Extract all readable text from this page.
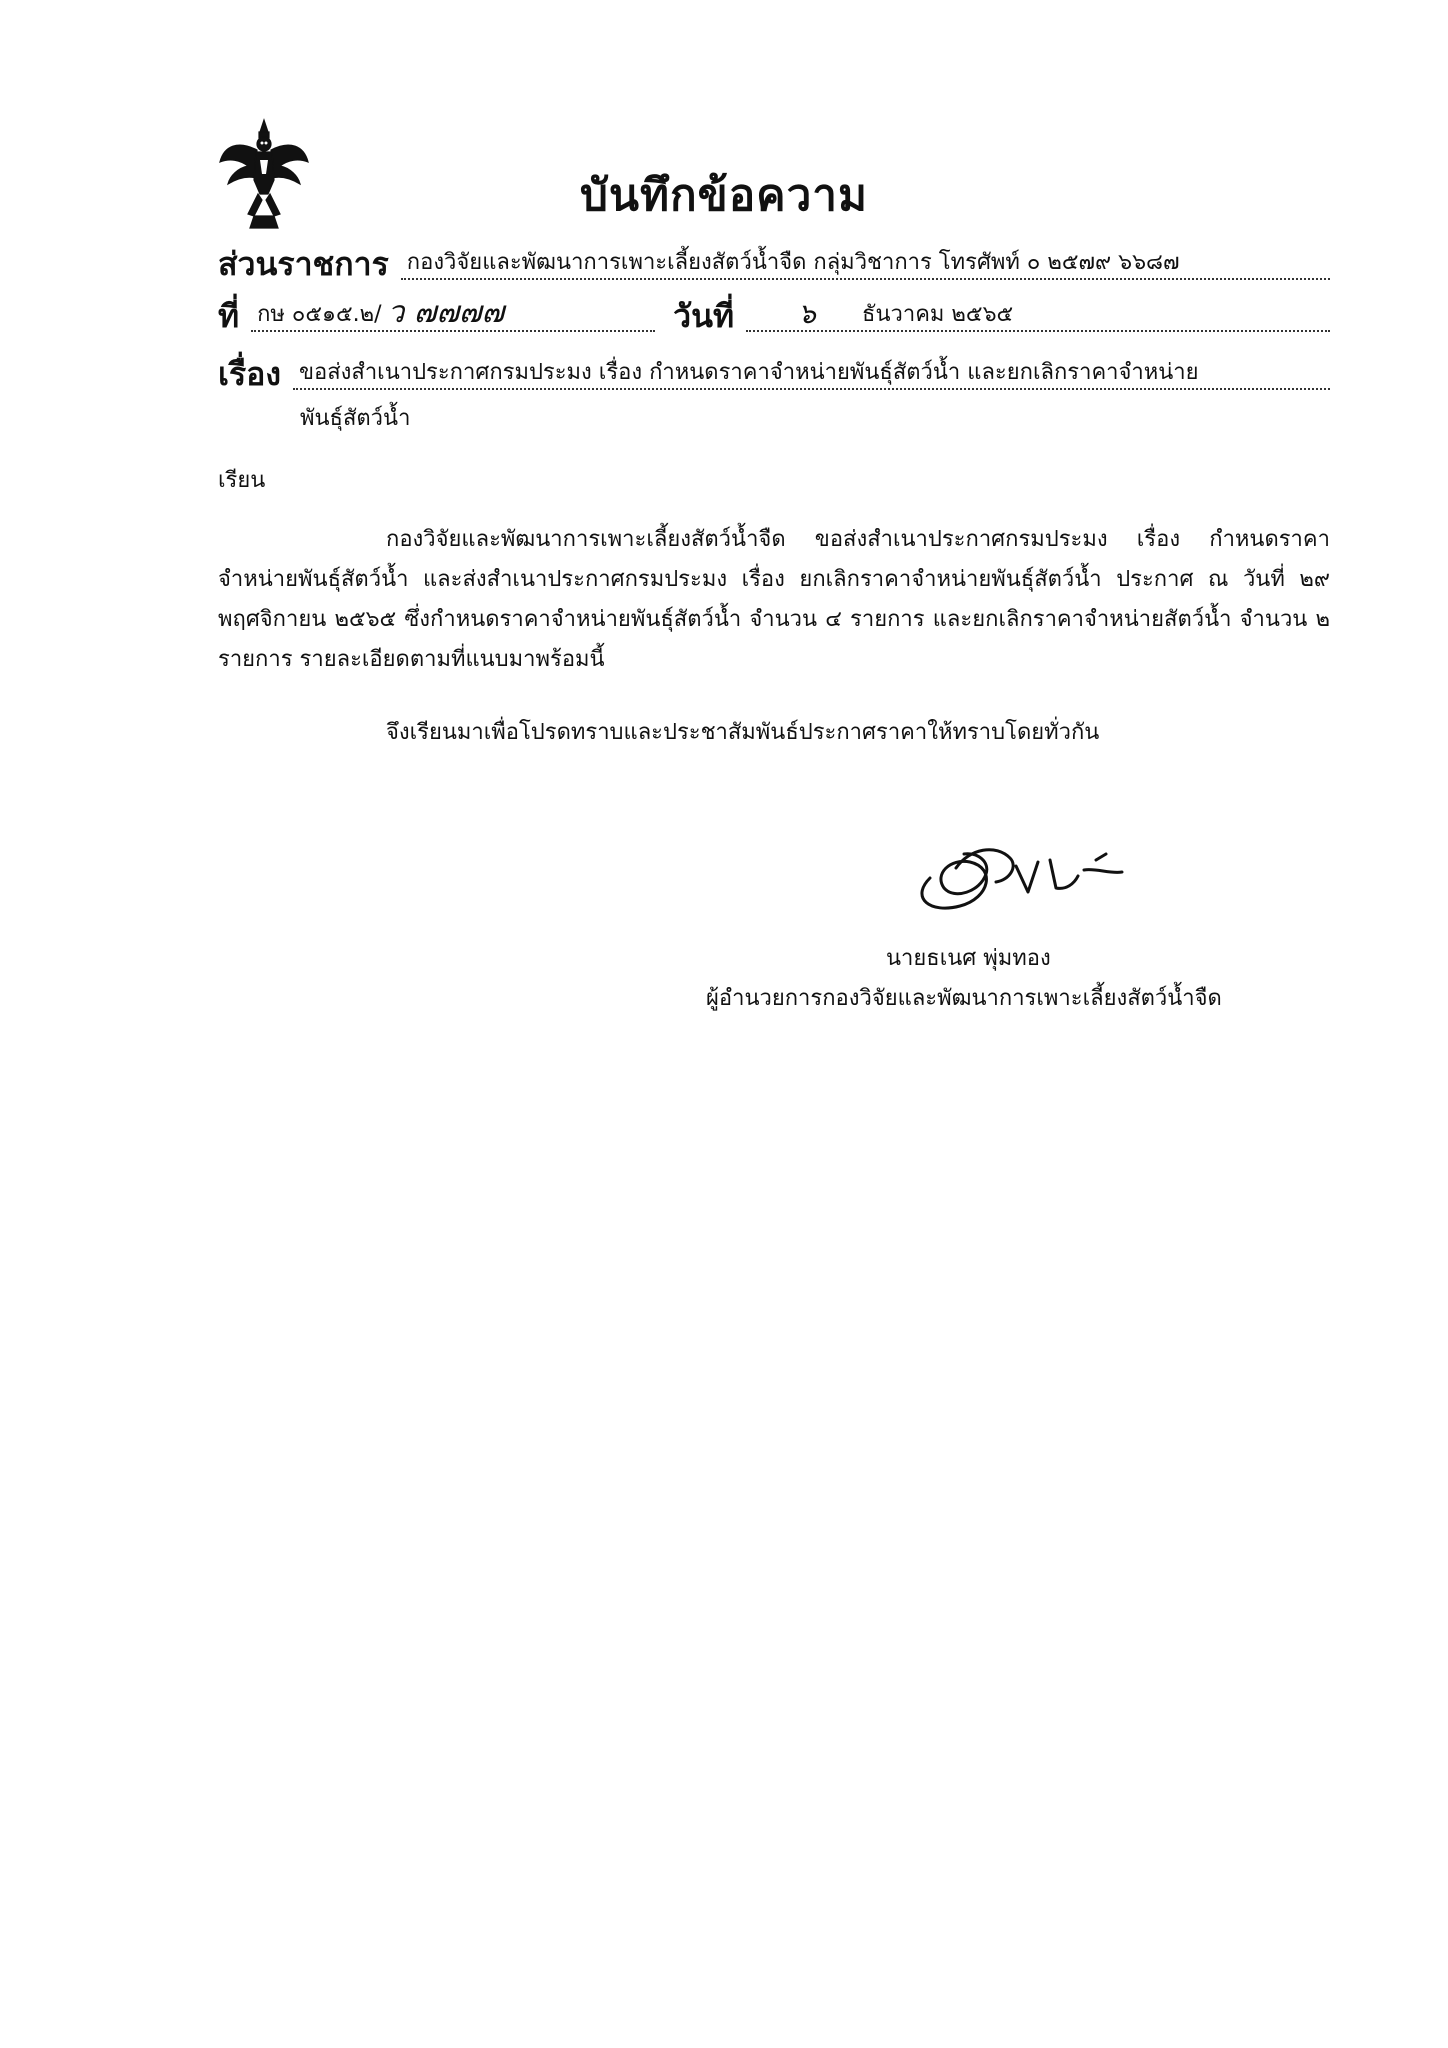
บันทึกข้อความ
ส่วนราชการ กองวิจัยและพัฒนาการเพาะเลี้ยงสัตว์น้ำจืด กลุ่มวิชาการ โทรศัพท์ ๐ ๒๕๗๙ ๖๖๘๗
ที่ กษ ๐๕๑๕.๒/ ว ๗๗๗๗	วันที่	๖	ธันวาคม ๒๕๖๕
เรื่อง ขอส่งสำเนาประกาศกรมประมง เรื่อง กำหนดราคาจำหน่ายพันธุ์สัตว์น้ำ และยกเลิกราคาจำหน่าย
พันธุ์สัตว์น้ำ
เรียน
กองวิจัยและพัฒนาการเพาะเลี้ยงสัตว์น้ำจืด ขอส่งสำเนาประกาศกรมประมง เรื่อง กำหนดราคาจำหน่ายพันธุ์สัตว์น้ำ และส่งสำเนาประกาศกรมประมง เรื่อง ยกเลิกราคาจำหน่ายพันธุ์สัตว์น้ำ ประกาศ ณ วันที่ ๒๙ พฤศจิกายน ๒๕๖๕ ซึ่งกำหนดราคาจำหน่ายพันธุ์สัตว์น้ำ จำนวน ๔ รายการ และยกเลิกราคาจำหน่ายสัตว์น้ำ จำนวน ๒ รายการ รายละเอียดตามที่แนบมาพร้อมนี้
จึงเรียนมาเพื่อโปรดทราบและประชาสัมพันธ์ประกาศราคาให้ทราบโดยทั่วกัน
นายธเนศ พุ่มทอง
ผู้อำนวยการกองวิจัยและพัฒนาการเพาะเลี้ยงสัตว์น้ำจืด
